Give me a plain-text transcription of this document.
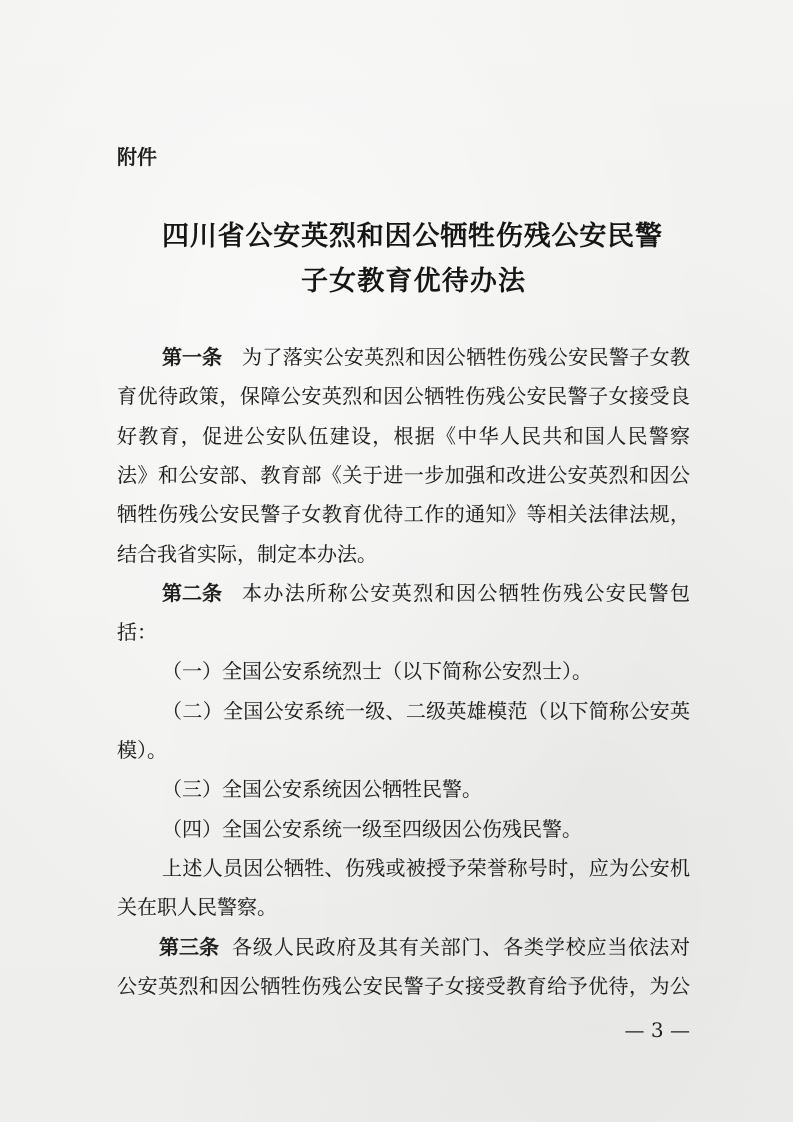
附件
四川省公安英烈和因公牺牲伤残公安民警
子女教育优待办法
第一条 为了落实公安英烈和因公牺牲伤残公安民警子女教
育优待政策，保障公安英烈和因公牺牲伤残公安民警子女接受良
好教育，促进公安队伍建设，根据《中华人民共和国人民警察
法》和公安部、教育部《关于进一步加强和改进公安英烈和因公
牺牲伤残公安民警子女教育优待工作的通知》等相关法律法规，
结合我省实际，制定本办法。
第二条 本办法所称公安英烈和因公牺牲伤残公安民警包
括：
（一）全国公安系统烈士（以下简称公安烈士）。
（二）全国公安系统一级、二级英雄模范（以下简称公安英
模）。
（三）全国公安系统因公牺牲民警。
（四）全国公安系统一级至四级因公伤残民警。
上述人员因公牺牲、伤残或被授予荣誉称号时，应为公安机
关在职人民警察。
第三条 各级人民政府及其有关部门、各类学校应当依法对
公安英烈和因公牺牲伤残公安民警子女接受教育给予优待，为公
— 3 —
